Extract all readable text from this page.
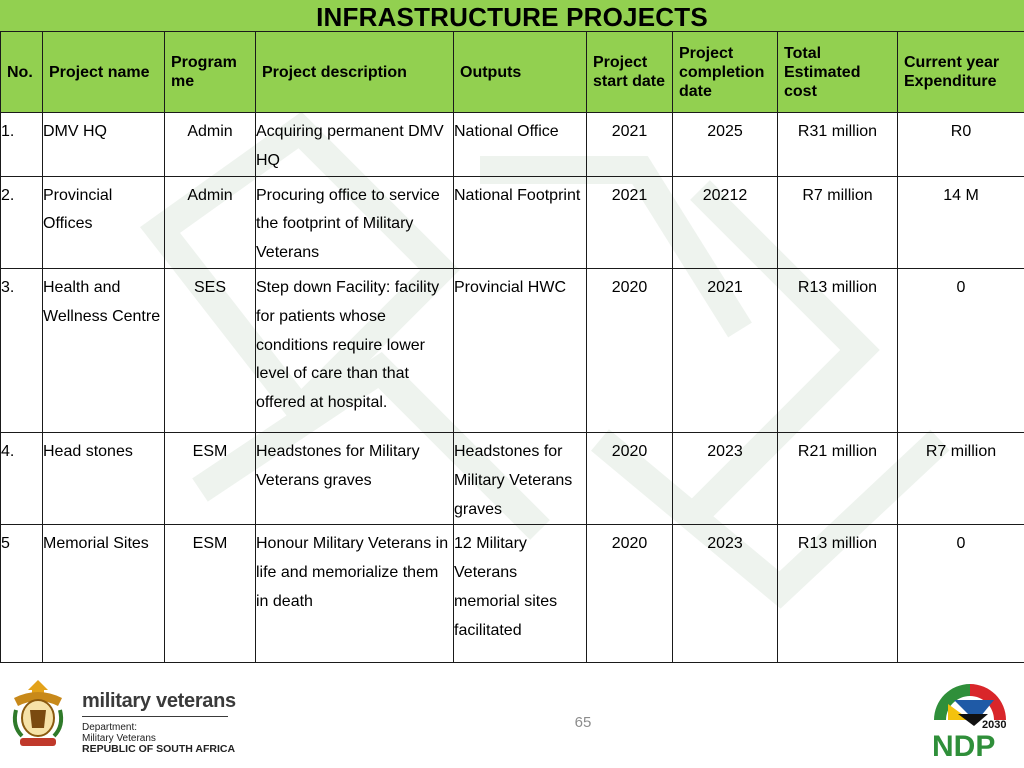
INFRASTRUCTURE PROJECTS
No.	Project name	Programme	Project description	Outputs	Project start date	Project completion date	Total Estimated cost	Current year Expenditure
1.	DMV HQ	Admin	Acquiring permanent DMV HQ	National Office	2021	2025	R31 million	R0
2.	Provincial Offices	Admin	Procuring office to service the footprint of Military Veterans	National Footprint	2021	20212	R7 million	14 M
3.	Health and Wellness Centre	SES	Step down Facility: facility for patients whose conditions require lower level of care than that offered at hospital.	Provincial HWC	2020	2021	R13 million	0
4.	Head stones	ESM	Headstones for Military Veterans graves	Headstones for Military Veterans graves	2020	2023	R21 million	R7 million
5	Memorial Sites	ESM	Honour Military Veterans in life and memorialize them in death	12 Military Veterans memorial sites facilitated	2020	2023	R13 million	0
military veterans
Department:
Military Veterans
REPUBLIC OF SOUTH AFRICA
65	2030
NDP
